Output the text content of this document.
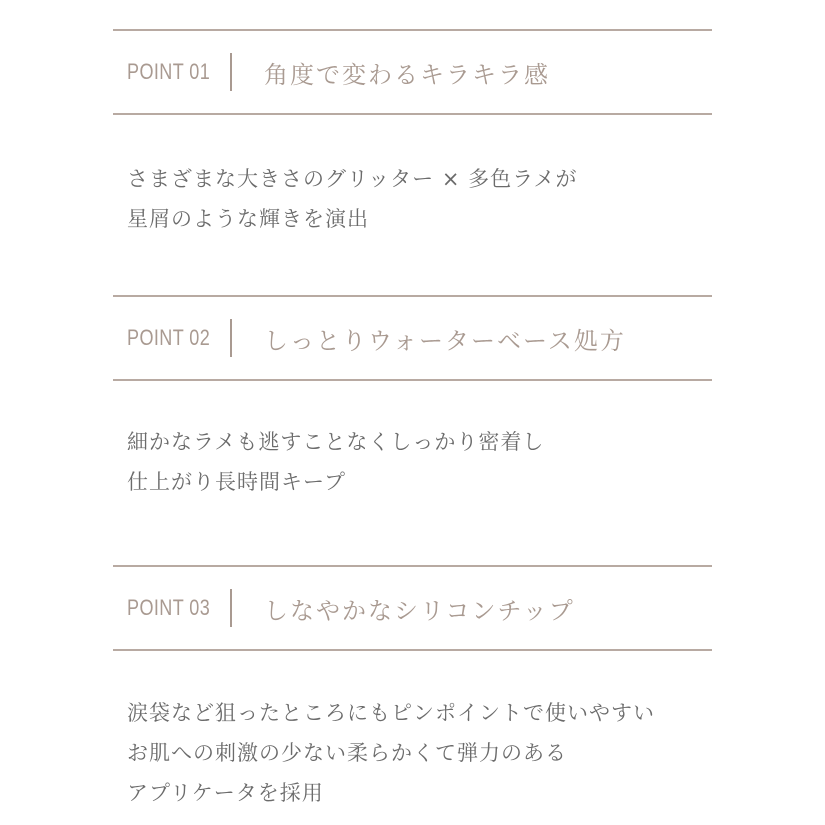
POINT 01 角度で変わるキラキラ感
さまざまな大きさのグリッター × 多色ラメが
星屑のような輝きを演出
POINT 02 しっとりウォーターベース処方
細かなラメも逃すことなくしっかり密着し
仕上がり長時間キープ
POINT 03 しなやかなシリコンチップ
涙袋など狙ったところにもピンポイントで使いやすい
お肌への刺激の少ない柔らかくて弾力のある
アプリケータを採用
